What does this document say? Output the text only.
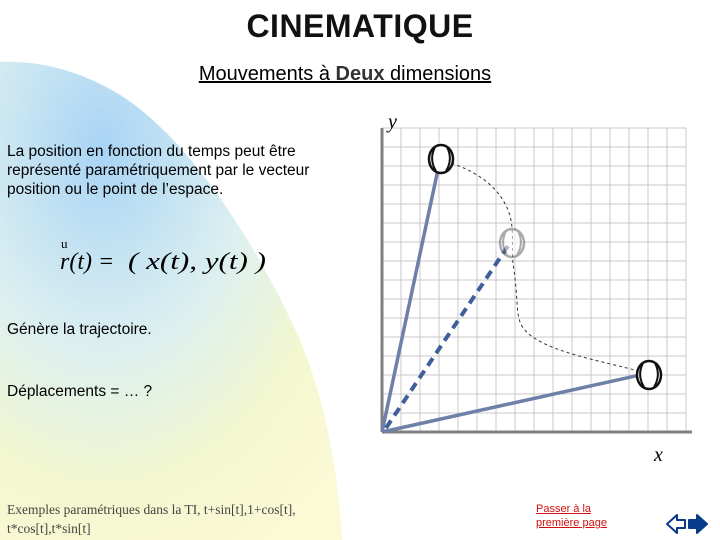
CINEMATIQUE
Mouvements à Deux dimensions
La position en fonction du temps peut être représenté paramétriquement par le vecteur position ou le point de l’espace.
u
r(t) = ( x(t), y(t) )
Génère la trajectoire.
Déplacements = … ?
Exemples paramétriques dans la TI, t+sin[t],1+cos[t], t*cos[t],t*sin[t]
Passer à la première page
y
x
